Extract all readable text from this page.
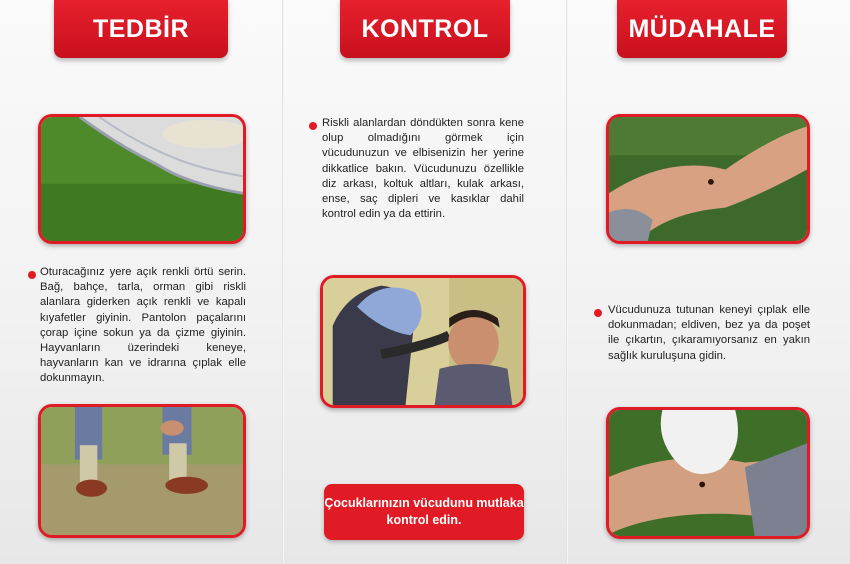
TEDBİR	KONTROL	MÜDAHALE
Oturacağınız yere açık renkli örtü serin. Bağ, bahçe, tarla, orman gibi riskli alanlara giderken açık renkli ve kapalı kıyafetler giyinin. Pantolon paçalarını çorap içine sokun ya da çizme giyinin. Hayvanların üzerindeki keneye, hayvanların kan ve idrarına çıplak elle dokunmayın.
Riskli alanlardan döndükten sonra kene olup olmadığını görmek için vücudunuzun ve elbisenizin her yerine dikkatlice bakın. Vücudunuzu özellikle diz arkası, koltuk altları, kulak arkası, ense, saç dipleri ve kasıklar dahil kontrol edin ya da ettirin.
Çocuklarınızın vücudunu mutlaka kontrol edin.
Vücudunuza tutunan keneyi çıplak elle dokunmadan; eldiven, bez ya da poşet ile çıkartın, çıkaramıyorsanız en yakın sağlık kuruluşuna gidin.
